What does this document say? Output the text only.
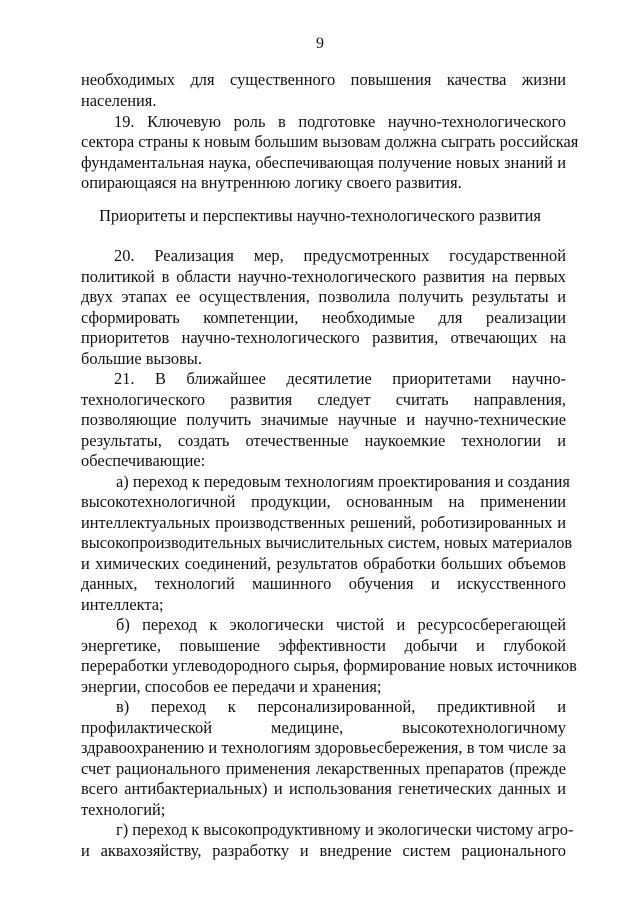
9
необходимых для существенного повышения качества жизни
населения.
19. Ключевую роль в подготовке научно-технологического
сектора страны к новым большим вызовам должна сыграть российская
фундаментальная наука, обеспечивающая получение новых знаний и
опирающаяся на внутреннюю логику своего развития.
Приоритеты и перспективы научно-технологического развития
20. Реализация мер, предусмотренных государственной
политикой в области научно-технологического развития на первых
двух этапах ее осуществления, позволила получить результаты и
сформировать компетенции, необходимые для реализации
приоритетов научно-технологического развития, отвечающих на
большие вызовы.
21. В ближайшее десятилетие приоритетами научно-
технологического развития следует считать направления,
позволяющие получить значимые научные и научно-технические
результаты, создать отечественные наукоемкие технологии и
обеспечивающие:
а) переход к передовым технологиям проектирования и создания
высокотехнологичной продукции, основанным на применении
интеллектуальных производственных решений, роботизированных и
высокопроизводительных вычислительных систем, новых материалов
и химических соединений, результатов обработки больших объемов
данных, технологий машинного обучения и искусственного
интеллекта;
б) переход к экологически чистой и ресурсосберегающей
энергетике, повышение эффективности добычи и глубокой
переработки углеводородного сырья, формирование новых источников
энергии, способов ее передачи и хранения;
в) переход к персонализированной, предиктивной и
профилактической медицине, высокотехнологичному
здравоохранению и технологиям здоровьесбережения, в том числе за
счет рационального применения лекарственных препаратов (прежде
всего антибактериальных) и использования генетических данных и
технологий;
г) переход к высокопродуктивному и экологически чистому агро-
и аквахозяйству, разработку и внедрение систем рационального
